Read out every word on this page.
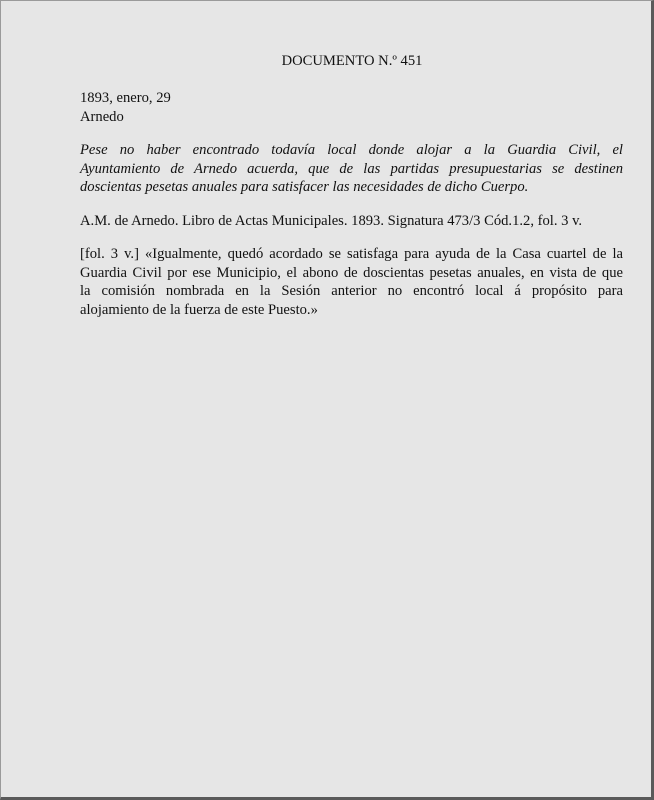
DOCUMENTO N.º 451
1893, enero, 29
Arnedo
Pese no haber encontrado todavía local donde alojar a la Guardia Civil, el
Ayuntamiento de Arnedo acuerda, que de las partidas presupuestarias se destinen
doscientas pesetas anuales para satisfacer las necesidades de dicho Cuerpo.

A.M. de Arnedo. Libro de Actas Municipales. 1893. Signatura 473/3 Cód.1.2, fol. 3 v.

[fol. 3 v.] «Igualmente, quedó acordado se satisfaga para ayuda de la Casa cuartel de la
Guardia Civil por ese Municipio, el abono de doscientas pesetas anuales, en vista de que
la comisión nombrada en la Sesión anterior no encontró local á propósito para
alojamiento de la fuerza de este Puesto.»
